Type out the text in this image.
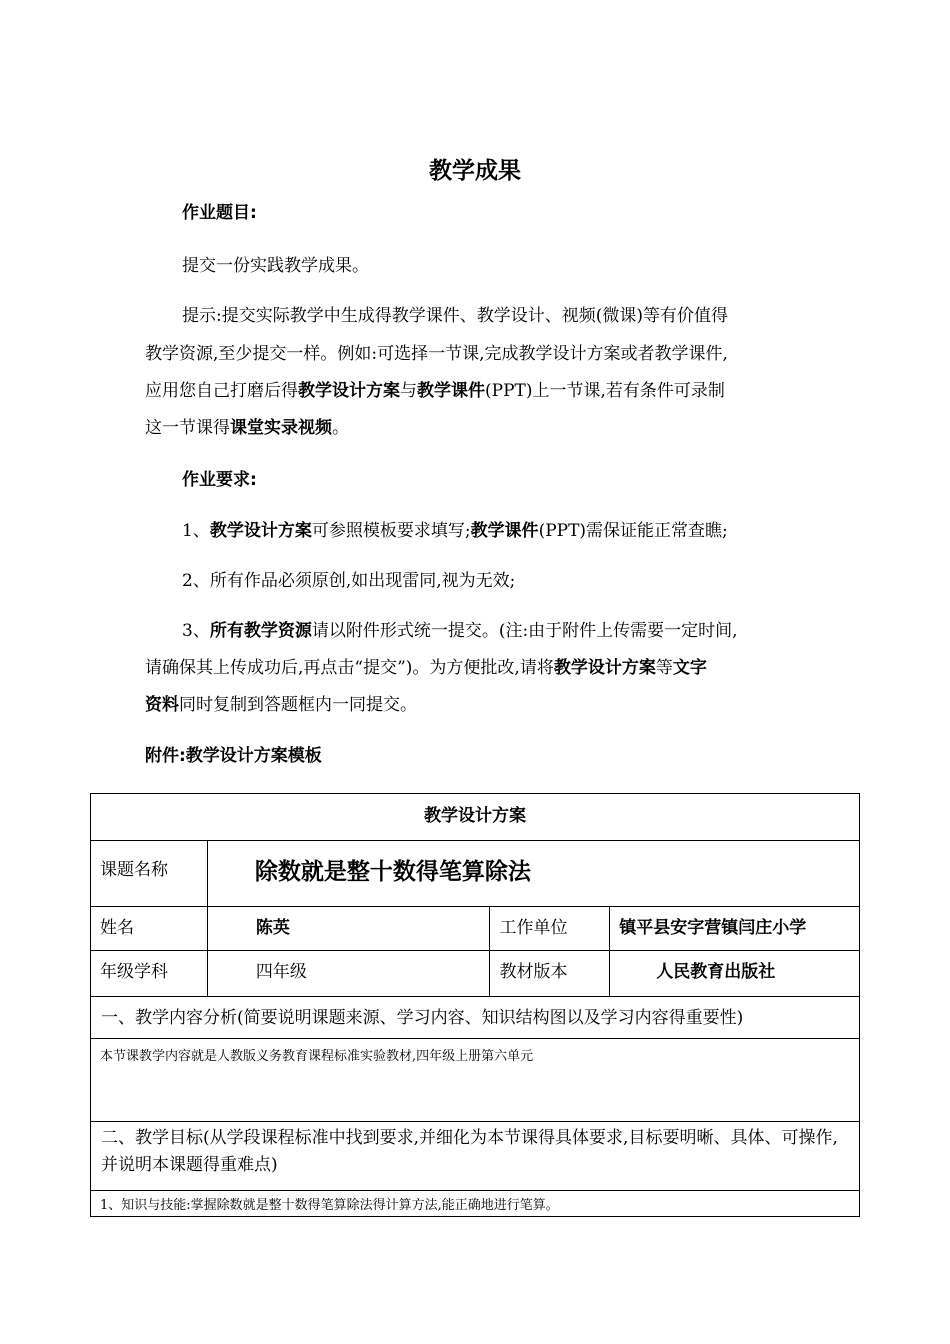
教学成果
作业题目:
提交一份实践教学成果。
提示:提交实际教学中生成得教学课件、教学设计、视频(微课)等有价值得
教学资源,至少提交一样。例如:可选择一节课,完成教学设计方案或者教学课件,
应用您自己打磨后得教学设计方案与教学课件(PPT)上一节课,若有条件可录制
这一节课得课堂实录视频。
作业要求:
1、教学设计方案可参照模板要求填写;教学课件(PPT)需保证能正常查瞧;
2、所有作品必须原创,如出现雷同,视为无效;
3、所有教学资源请以附件形式统一提交。(注:由于附件上传需要一定时间,
请确保其上传成功后,再点击“提交”)。为方便批改,请将教学设计方案等文字
资料同时复制到答题框内一同提交。
附件:教学设计方案模板
教学设计方案			

课题名称	除数就是整十数得笔算除法		

姓名	陈英	工作单位	镇平县安字营镇闫庄小学

年级学科	四年级	教材版本	人民教育出版社

一、教学内容分析(简要说明课题来源、学习内容、知识结构图以及学习内容得重要性)			

本节课教学内容就是人教版义务教育课程标准实验教材,四年级上册第六单元			

二、教学目标(从学段课程标准中找到要求,并细化为本节课得具体要求,目标要明晰、具体、可操作,并说明本课题得重难点)			

1、知识与技能:掌握除数就是整十数得笔算除法得计算方法,能正确地进行笔算。			
